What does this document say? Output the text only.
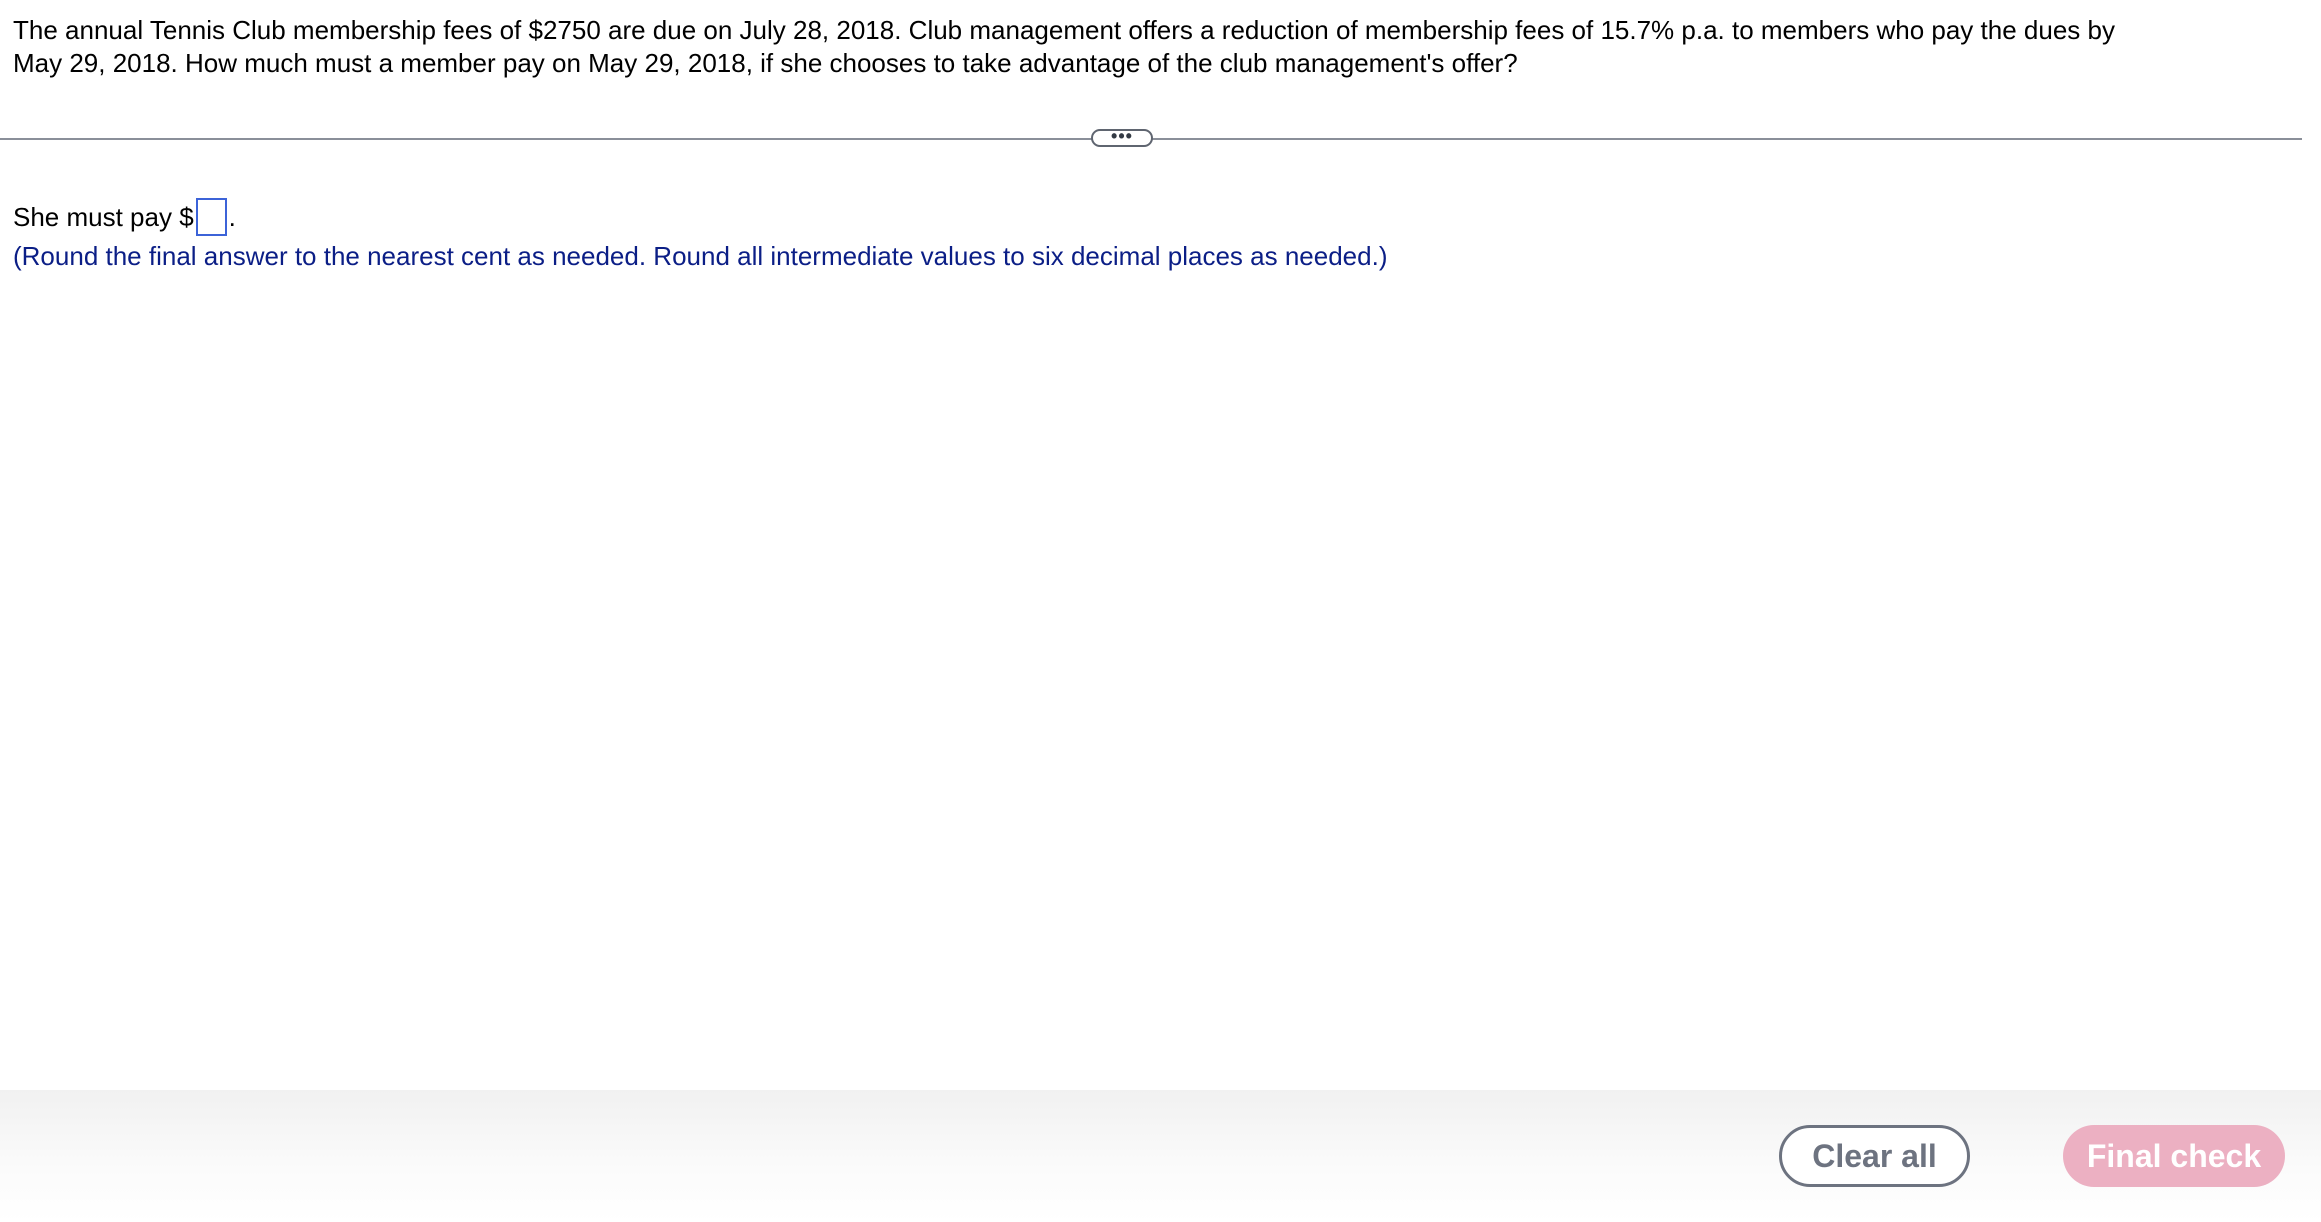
The annual Tennis Club membership fees of $2750 are due on July 28, 2018. Club management offers a reduction of membership fees of 15.7% p.a. to members who pay the dues by
May 29, 2018. How much must a member pay on May 29, 2018, if she chooses to take advantage of the club management's offer?
•••
She must pay $ .
(Round the final answer to the nearest cent as needed. Round all intermediate values to six decimal places as needed.)
Clear all	Final check
